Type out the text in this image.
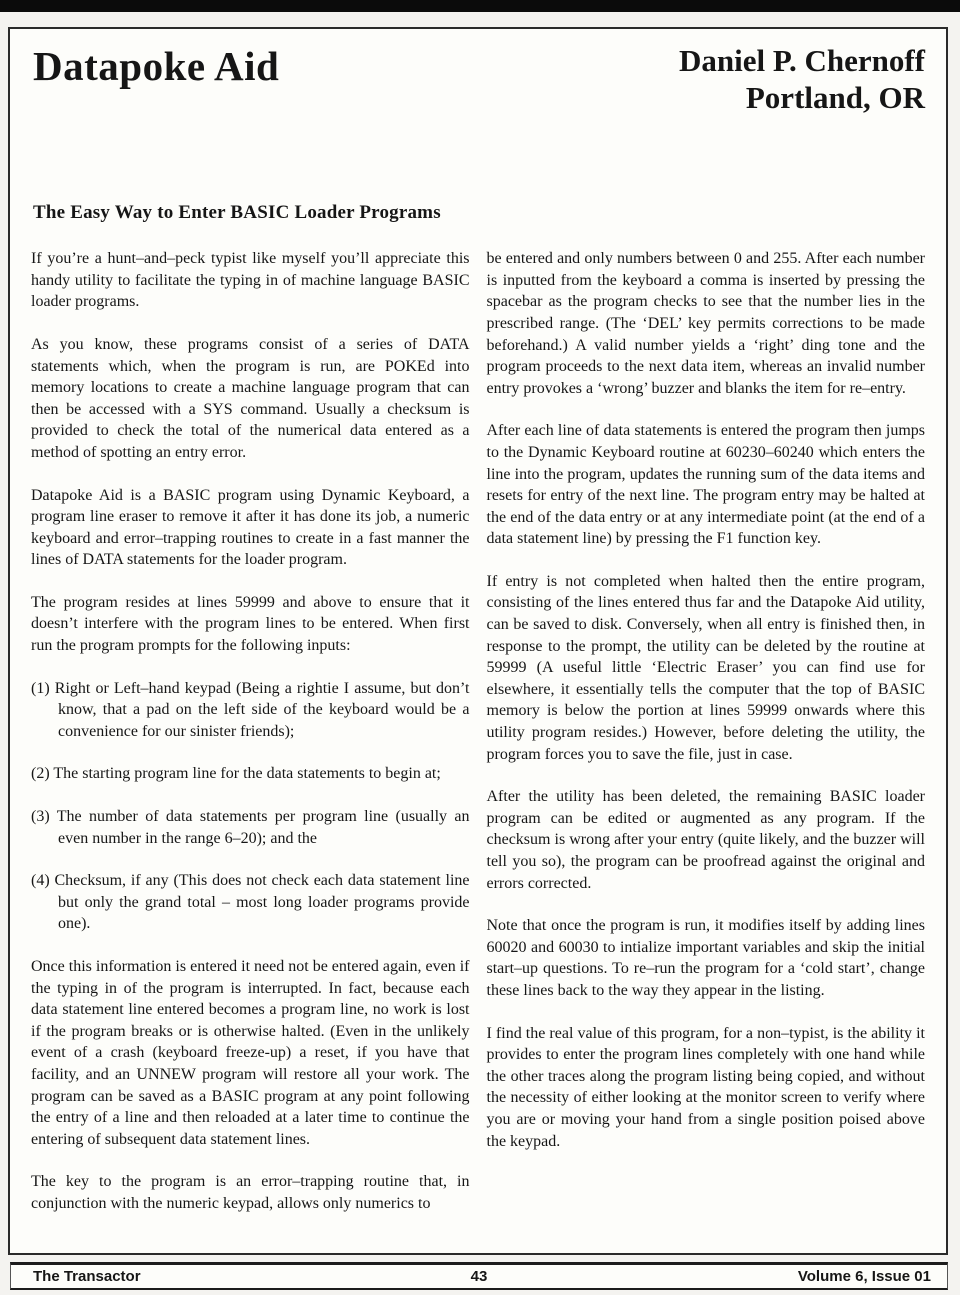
Datapoke Aid	Daniel P. Chernoff
Portland, OR
The Easy Way to Enter BASIC Loader Programs

If you’re a hunt–and–peck typist like myself you’ll appreciate this handy utility to facilitate the typing in of machine language BASIC loader programs.

As you know, these programs consist of a series of DATA statements which, when the program is run, are POKEd into memory locations to create a machine language program that can then be accessed with a SYS command. Usually a checksum is provided to check the total of the numerical data entered as a method of spotting an entry error.

Datapoke Aid is a BASIC program using Dynamic Keyboard, a program line eraser to remove it after it has done its job, a numeric keyboard and error–trapping routines to create in a fast manner the lines of DATA statements for the loader program.

The program resides at lines 59999 and above to ensure that it doesn’t interfere with the program lines to be entered. When first run the program prompts for the following inputs:

(1) Right or Left–hand keypad (Being a rightie I assume, but don’t know, that a pad on the left side of the keyboard would be a convenience for our sinister friends);

(2) The starting program line for the data statements to begin at;

(3) The number of data statements per program line (usually an even number in the range 6–20); and the

(4) Checksum, if any (This does not check each data statement line but only the grand total – most long loader programs provide one).

Once this information is entered it need not be entered again, even if the typing in of the program is interrupted. In fact, because each data statement line entered becomes a program line, no work is lost if the program breaks or is otherwise halted. (Even in the unlikely event of a crash (keyboard freeze-up) a reset, if you have that facility, and an UNNEW program will restore all your work. The program can be saved as a BASIC program at any point following the entry of a line and then reloaded at a later time to continue the entering of subsequent data statement lines.

The key to the program is an error–trapping routine that, in conjunction with the numeric keypad, allows only numerics to

be entered and only numbers between 0 and 255. After each number is inputted from the keyboard a comma is inserted by pressing the spacebar as the program checks to see that the number lies in the prescribed range. (The ‘DEL’ key permits corrections to be made beforehand.) A valid number yields a ‘right’ ding tone and the program proceeds to the next data item, whereas an invalid number entry provokes a ‘wrong’ buzzer and blanks the item for re–entry.

After each line of data statements is entered the program then jumps to the Dynamic Keyboard routine at 60230–60240 which enters the line into the program, updates the running sum of the data items and resets for entry of the next line. The program entry may be halted at the end of the data entry or at any intermediate point (at the end of a data statement line) by pressing the F1 function key.

If entry is not completed when halted then the entire program, consisting of the lines entered thus far and the Datapoke Aid utility, can be saved to disk. Conversely, when all entry is finished then, in response to the prompt, the utility can be deleted by the routine at 59999 (A useful little ‘Electric Eraser’ you can find use for elsewhere, it essentially tells the computer that the top of BASIC memory is below the portion at lines 59999 onwards where this utility program resides.) However, before deleting the utility, the program forces you to save the file, just in case.

After the utility has been deleted, the remaining BASIC loader program can be edited or augmented as any program. If the checksum is wrong after your entry (quite likely, and the buzzer will tell you so), the program can be proofread against the original and errors corrected.

Note that once the program is run, it modifies itself by adding lines 60020 and 60030 to intialize important variables and skip the initial start–up questions. To re–run the program for a ‘cold start’, change these lines back to the way they appear in the listing.

I find the real value of this program, for a non–typist, is the ability it provides to enter the program lines completely with one hand while the other traces along the program listing being copied, and without the necessity of either looking at the monitor screen to verify where you are or moving your hand from a single position poised above the keypad.

The Transactor	43	Volume 6, Issue 01
